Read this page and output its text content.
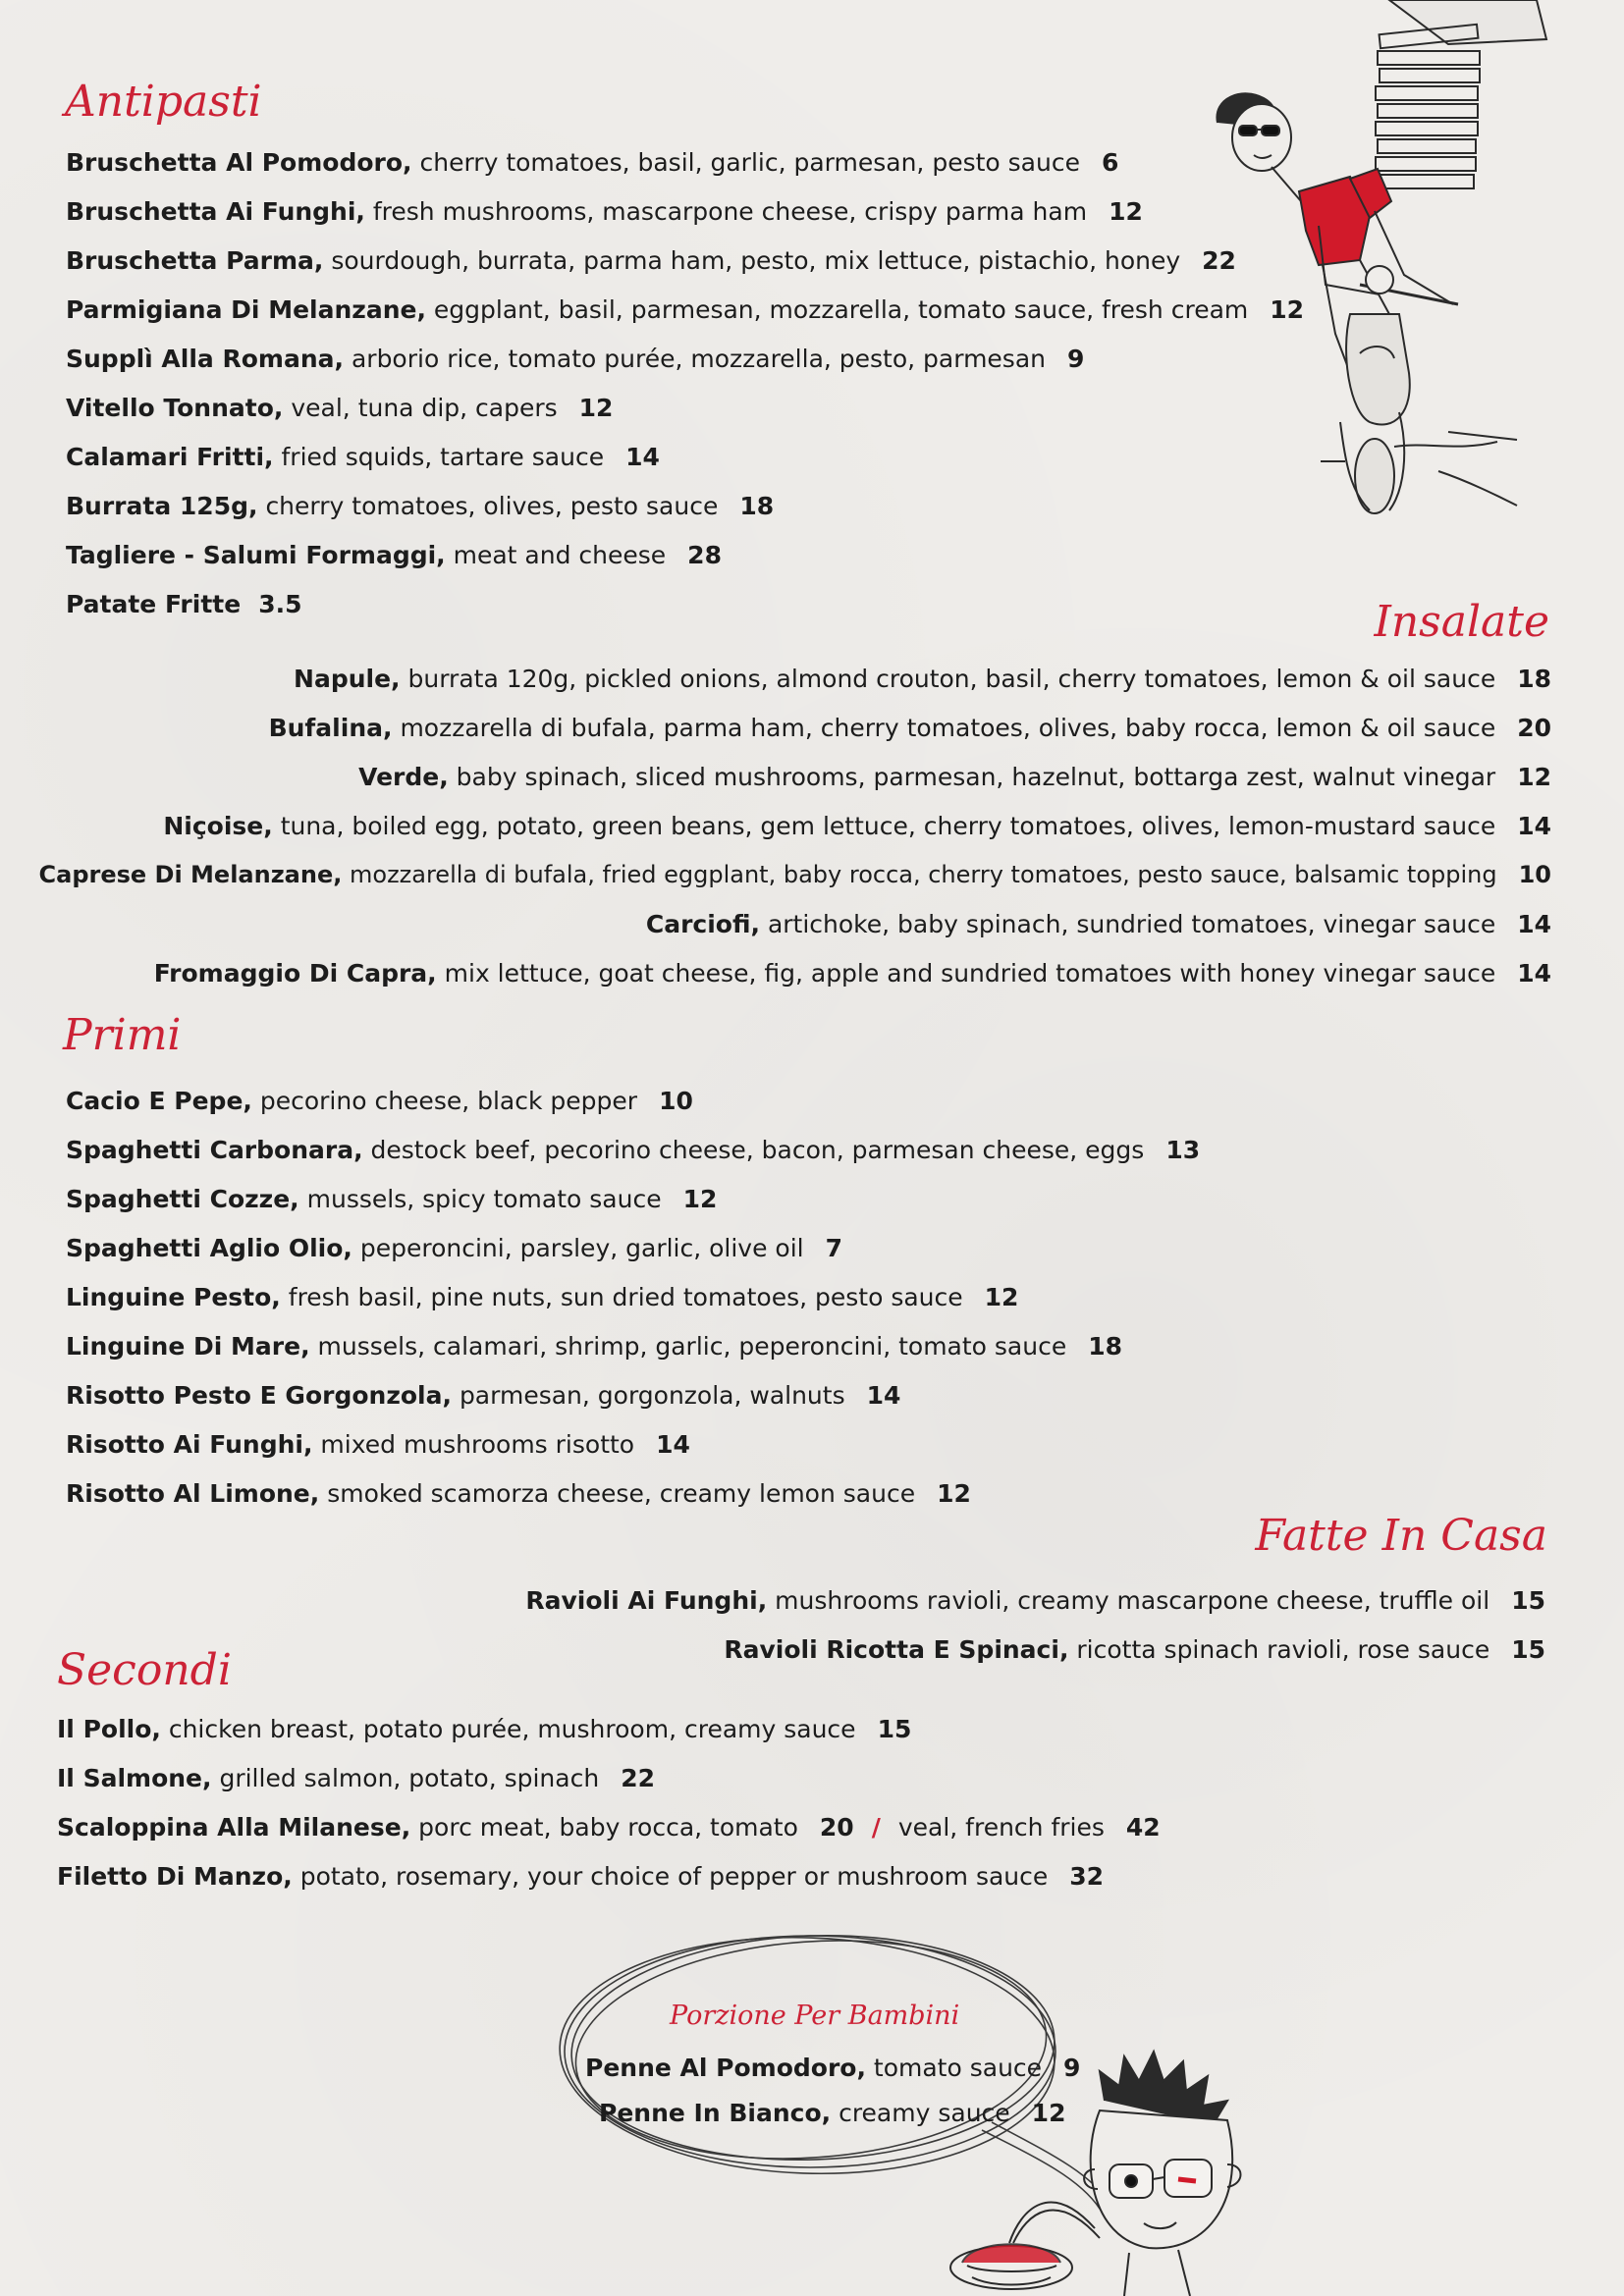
Antipasti

Bruschetta Al Pomodoro, cherry tomatoes, basil, garlic, parmesan, pesto sauce 6

Bruschetta Ai Funghi, fresh mushrooms, mascarpone cheese, crispy parma ham 12

Bruschetta Parma, sourdough, burrata, parma ham, pesto, mix lettuce, pistachio, honey 22

Parmigiana Di Melanzane, eggplant, basil, parmesan, mozzarella, tomato sauce, fresh cream 12

Supplì Alla Romana, arborio rice, tomato purée, mozzarella, pesto, parmesan 9

Vitello Tonnato, veal, tuna dip, capers 12

Calamari Fritti, fried squids, tartare sauce 14

Burrata 125g, cherry tomatoes, olives, pesto sauce 18

Tagliere - Salumi Formaggi, meat and cheese 28

Patate Fritte 3.5	Insalate

Napule, burrata 120g, pickled onions, almond crouton, basil, cherry tomatoes, lemon & oil sauce 18

Bufalina, mozzarella di bufala, parma ham, cherry tomatoes, olives, baby rocca, lemon & oil sauce 20

Verde, baby spinach, sliced mushrooms, parmesan, hazelnut, bottarga zest, walnut vinegar 12

Niçoise, tuna, boiled egg, potato, green beans, gem lettuce, cherry tomatoes, olives, lemon-mustard sauce 14

Caprese Di Melanzane, mozzarella di bufala, fried eggplant, baby rocca, cherry tomatoes, pesto sauce, balsamic topping 10

Carciofi, artichoke, baby spinach, sundried tomatoes, vinegar sauce 14

Fromaggio Di Capra, mix lettuce, goat cheese, fig, apple and sundried tomatoes with honey vinegar sauce 14

Primi

Cacio E Pepe, pecorino cheese, black pepper 10

Spaghetti Carbonara, destock beef, pecorino cheese, bacon, parmesan cheese, eggs 13

Spaghetti Cozze, mussels, spicy tomato sauce 12

Spaghetti Aglio Olio, peperoncini, parsley, garlic, olive oil 7

Linguine Pesto, fresh basil, pine nuts, sun dried tomatoes, pesto sauce 12

Linguine Di Mare, mussels, calamari, shrimp, garlic, peperoncini, tomato sauce 18

Risotto Pesto E Gorgonzola, parmesan, gorgonzola, walnuts 14

Risotto Ai Funghi, mixed mushrooms risotto 14

Risotto Al Limone, smoked scamorza cheese, creamy lemon sauce 12

Fatte In Casa

Ravioli Ai Funghi, mushrooms ravioli, creamy mascarpone cheese, truffle oil 15

Ravioli Ricotta E Spinaci, ricotta spinach ravioli, rose sauce 15

Secondi

Il Pollo, chicken breast, potato purée, mushroom, creamy sauce 15

Il Salmone, grilled salmon, potato, spinach 22

Scaloppina Alla Milanese, porc meat, baby rocca, tomato 20 / veal, french fries 42

Filetto Di Manzo, potato, rosemary, your choice of pepper or mushroom sauce 32

Porzione Per Bambini

Penne Al Pomodoro, tomato sauce 9

Penne In Bianco, creamy sauce 12
